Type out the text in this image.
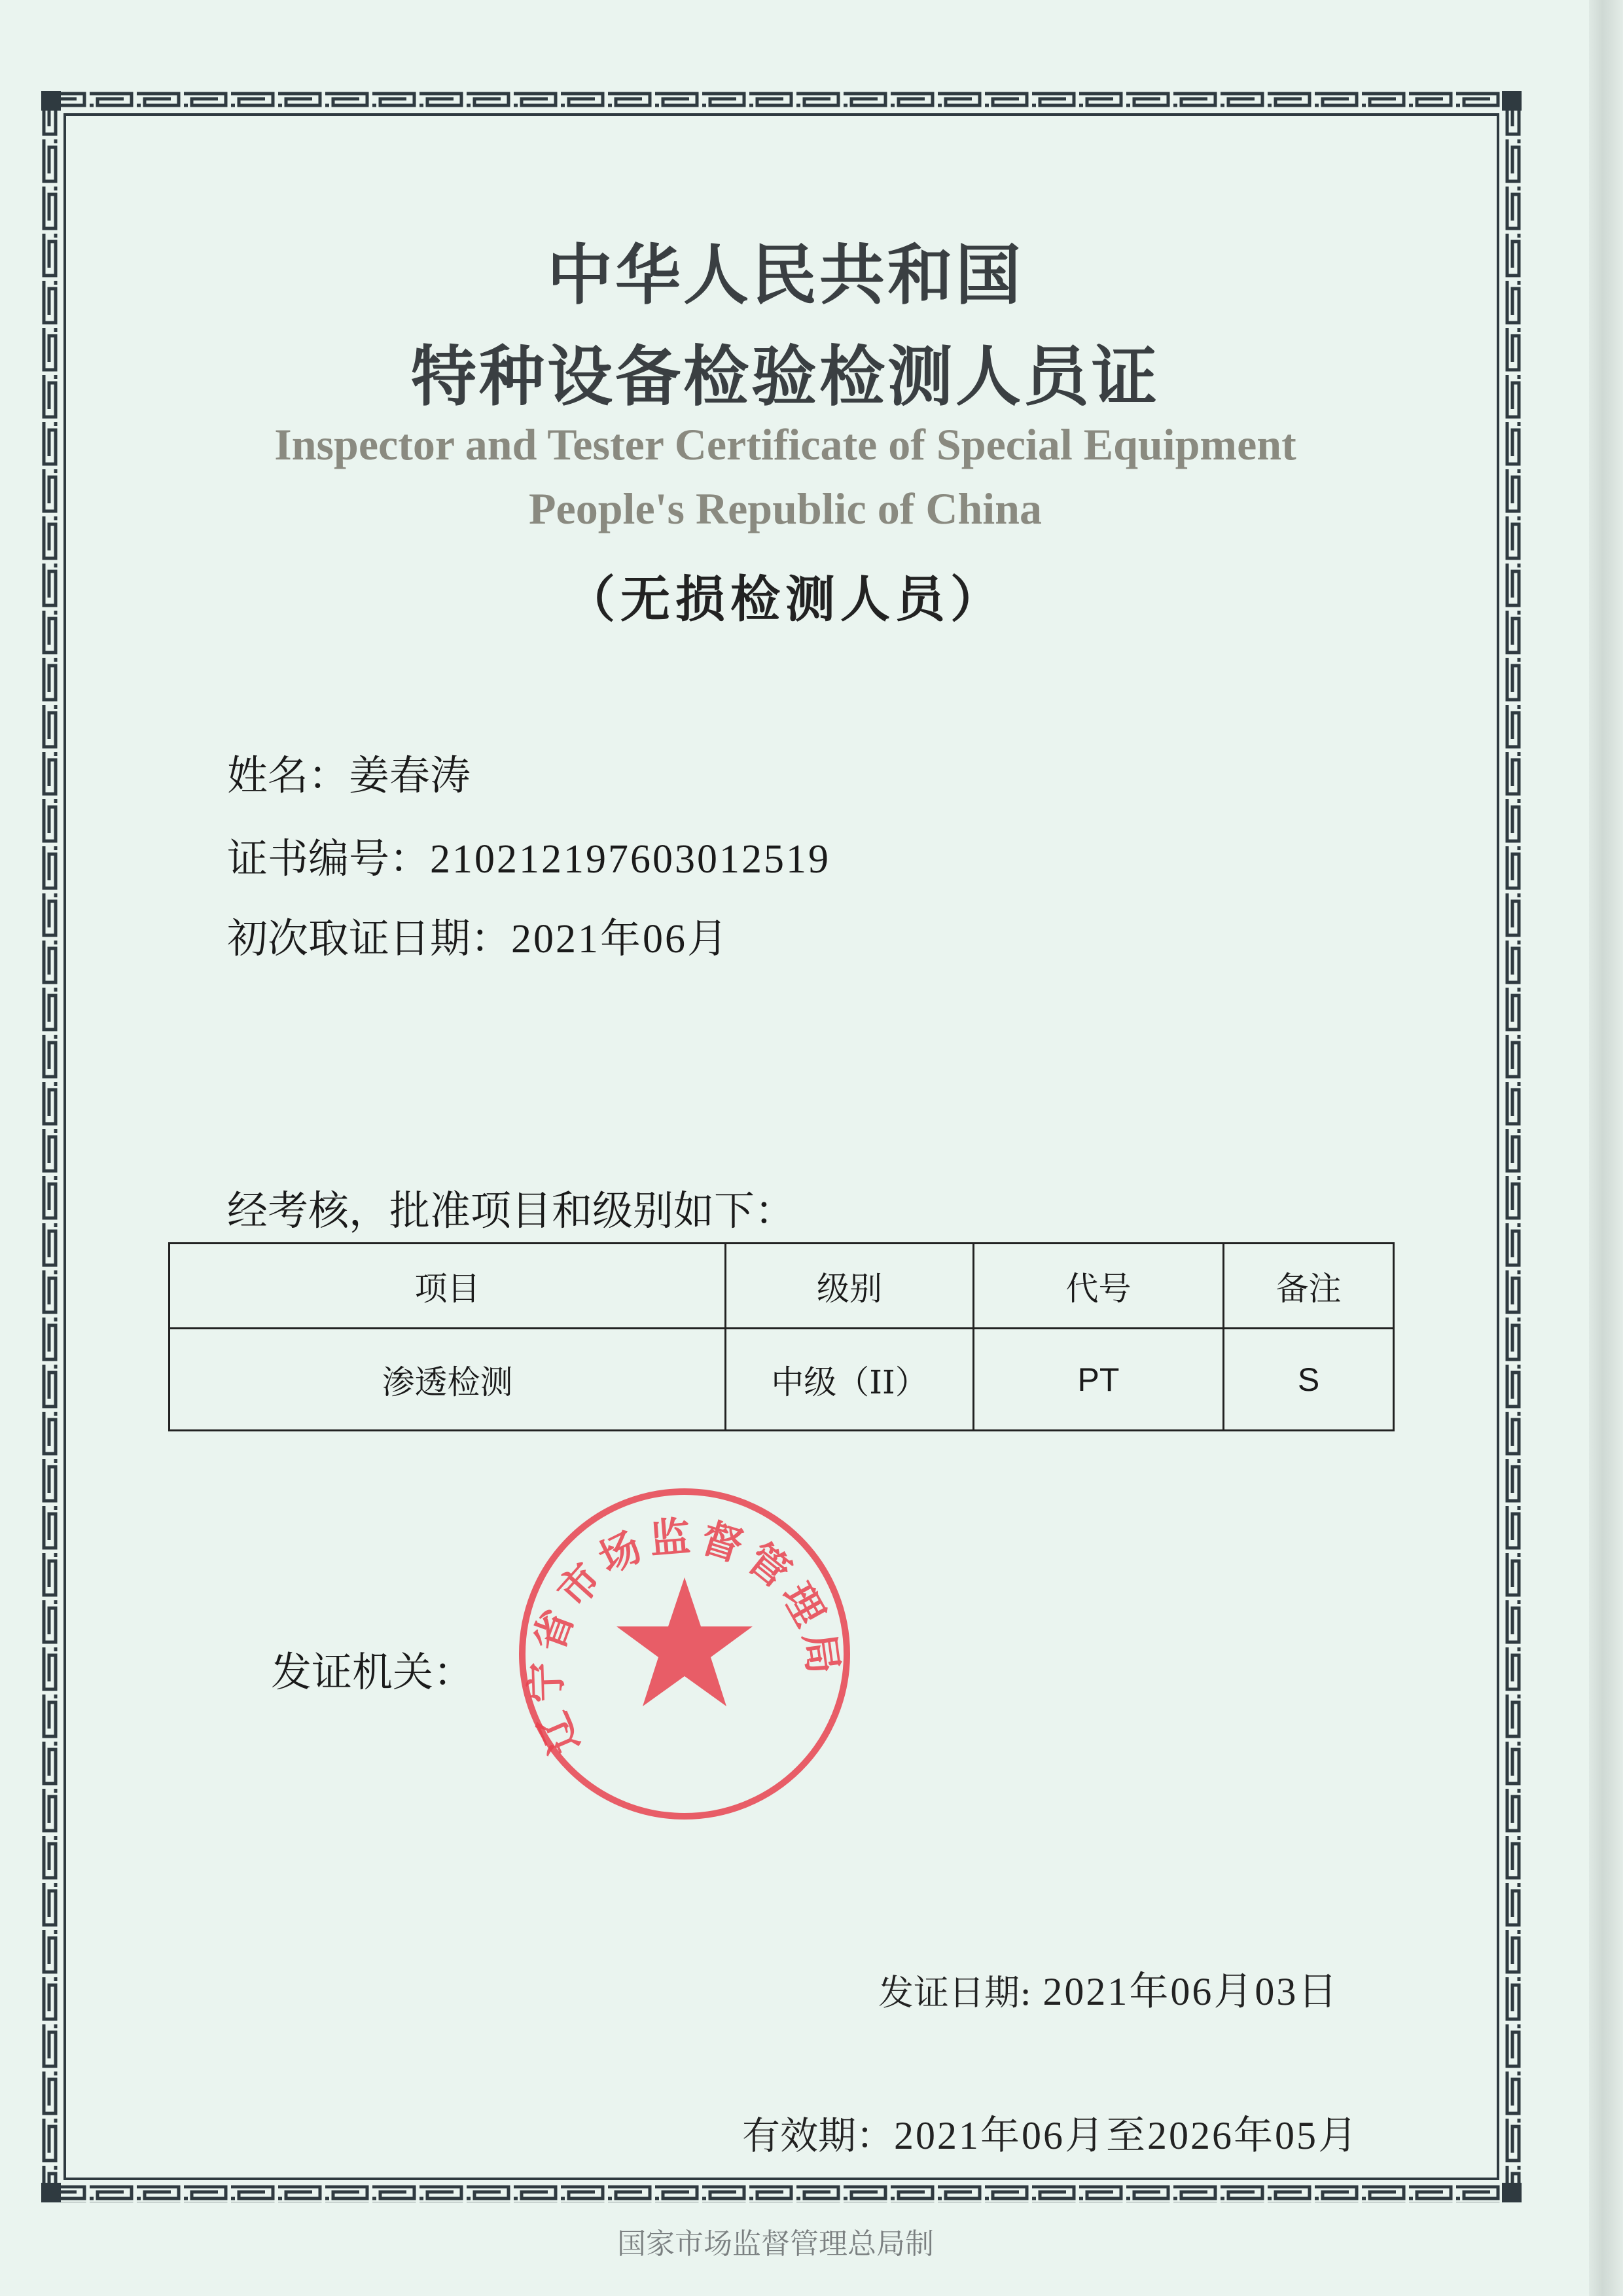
中华人民共和国
特种设备检验检测人员证
Inspector and Tester Certificate of Special Equipment
People's Republic of China
（无损检测人员）
姓名：姜春涛
证书编号：210212197603012519
初次取证日期：2021年06月
经考核，批准项目和级别如下：
项目	级别	代号	备注
渗透检测	中级（II）	PT	S
发证机关：
辽宁省市场监督管理局
发证日期: 2021年06月03日
有效期：2021年06月至2026年05月
国家市场监督管理总局制
